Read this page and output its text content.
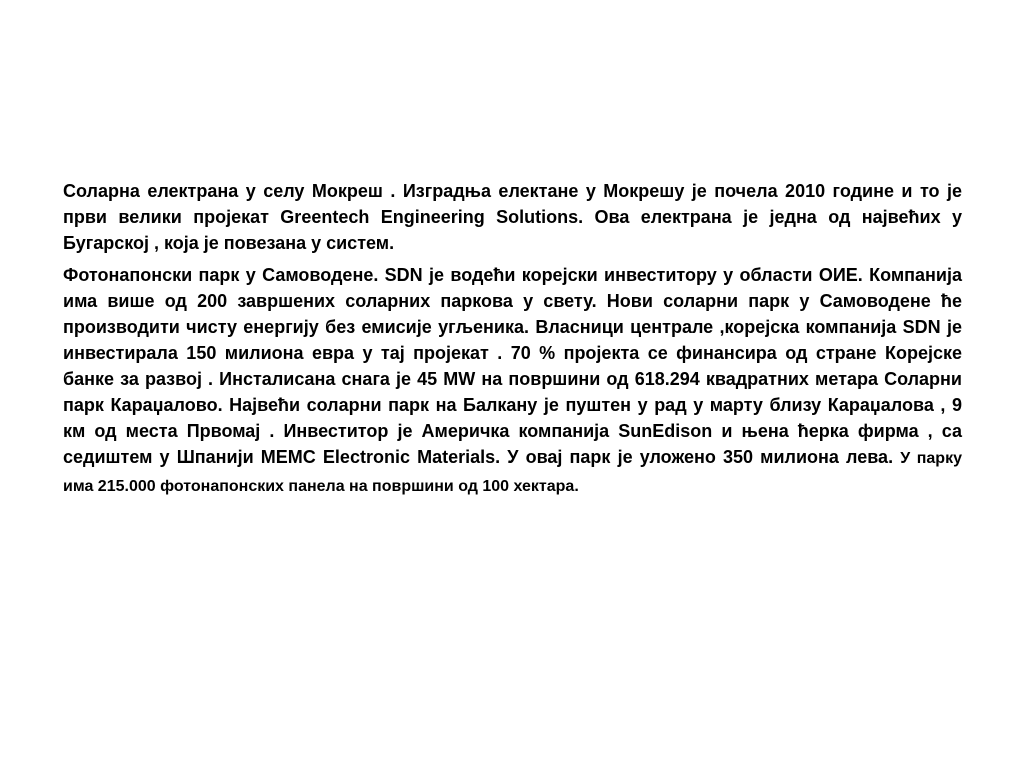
Соларна електрана у селу Мокреш . Изградња електане у Мокрешу је почела 2010 године и то је први велики пројекат Greentech Engineering Solutions. Ова електрана је једна од највећих у Бугарској , која је повезана у систем.

Фотонапонски парк у Самоводене. SDN је водећи корејски инвеститору у области ОИЕ. Компанија има више од 200 завршених соларних паркова у свету. Нови соларни парк у Самоводене ће производити чисту енергију без емисије угљеника. Власници централе ,корејска компанија SDN је инвестирала 150 милиона евра у тај пројекат . 70 % пројекта се финансира од стране Корејске банке за развој . Инсталисана снага је 45 MW на површини од 618.294 квадратних метара Соларни парк Караџалово. Највећи соларни парк на Балкану је пуштен у рад у марту близу Караџалова , 9 км од места Првомај . Инвеститор је Америчка компанија SunEdison и њена ћерка фирма , са седиштем у Шпанији MEMC Electronic Materials. У овај парк је уложено 350 милиона лева. У парку има 215.000 фотонапонских панела на површини од 100 хектара.
